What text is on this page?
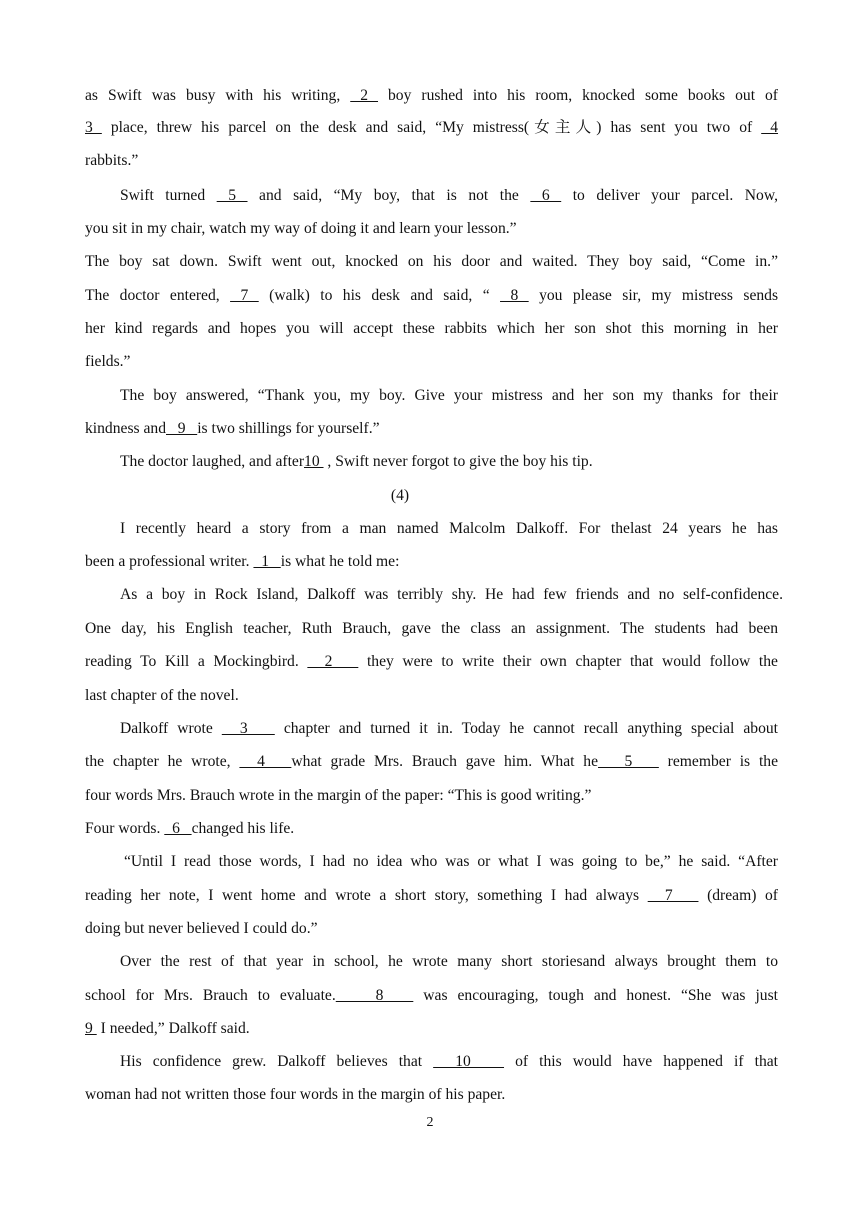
as Swift was busy with his writing,  2  boy rushed into his room, knocked some books out of
3  place, threw his parcel on the desk and said, “My mistress(女主人) has sent you two of  4
rabbits.”
Swift turned  5  and said, “My boy, that is not the  6  to deliver your parcel. Now,
you sit in my chair, watch my way of doing it and learn your lesson.”
The boy sat down. Swift went out, knocked on his door and waited. They boy said, “Come in.”
The doctor entered,  7  (walk) to his desk and said, “  8  you please sir, my mistress sends
her kind regards and hopes you will accept these rabbits which her son shot this morning in her
fields.”
The boy answered, “Thank you, my boy. Give your mistress and her son my thanks for their
kindness and   9   is two shillings for yourself.”
The doctor laughed, and after10  , Swift never forgot to give the boy his tip.
(4)
I recently heard a story from a man named Malcolm Dalkoff. For thelast 24 years he has
been a professional writer.   1   is what he told me:
As a boy in Rock Island, Dalkoff was terribly shy. He had few friends and no self-confidence.
One day, his English teacher, Ruth Brauch, gave the class an assignment. The students had been
reading To Kill a Mockingbird.   2    they were to write their own chapter that would follow the
last chapter of the novel.
Dalkoff wrote   3    chapter and turned it in. Today he cannot recall anything special about
the chapter he wrote,   4   what grade Mrs. Brauch gave him. What he   5    remember is the
four words Mrs. Brauch wrote in the margin of the paper: “This is good writing.”
Four words.   6   changed his life.
“Until I read those words, I had no idea who was or what I was going to be,” he said. “After
reading her note, I went home and wrote a short story, something I had always   7    (dream) of
doing but never believed I could do.”
Over the rest of that year in school, he wrote many short storiesand always brought them to
school for Mrs. Brauch to evaluate.    8    was encouraging, tough and honest. “She was just
9  I needed,” Dalkoff said.
His confidence grew. Dalkoff believes that   10    of this would have happened if that
woman had not written those four words in the margin of his paper.
2
